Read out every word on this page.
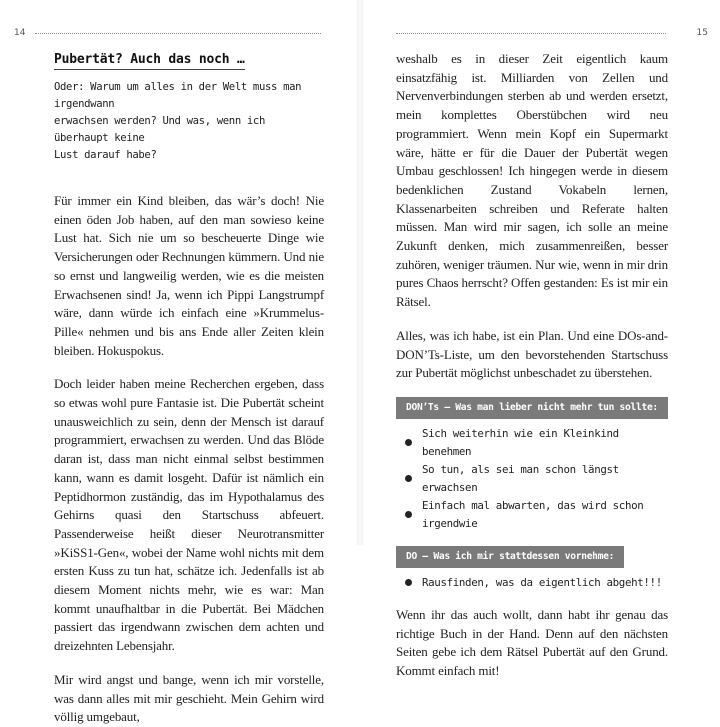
14	15
Pubertät? Auch das noch …

Oder: Warum um alles in der Welt muss man irgendwann
erwachsen werden? Und was, wenn ich überhaupt keine
Lust darauf habe?

Für immer ein Kind bleiben, das wär’s doch! Nie einen öden Job haben, auf den man sowieso keine Lust hat. Sich nie um so bescheuerte Dinge wie Versicherungen oder Rechnungen kümmern. Und nie so ernst und langweilig werden, wie es die meisten Erwachsenen sind! Ja, wenn ich Pippi Langstrumpf wäre, dann würde ich einfach eine »Krummelus-Pille« nehmen und bis ans Ende aller Zeiten klein bleiben. Hokuspokus.

Doch leider haben meine Recherchen ergeben, dass so etwas wohl pure Fantasie ist. Die Pubertät scheint unausweichlich zu sein, denn der Mensch ist darauf programmiert, erwachsen zu werden. Und das Blöde daran ist, dass man nicht einmal selbst bestimmen kann, wann es damit losgeht. Dafür ist nämlich ein Peptidhormon zuständig, das im Hypothalamus des Gehirns quasi den Startschuss abfeuert. Passenderweise heißt dieser Neurotransmitter »KiSS1-Gen«, wobei der Name wohl nichts mit dem ersten Kuss zu tun hat, schätze ich. Jedenfalls ist ab diesem Moment nichts mehr, wie es war: Man kommt unaufhaltbar in die Pubertät. Bei Mädchen passiert das irgendwann zwischen dem achten und dreizehnten Lebensjahr.

Mir wird angst und bange, wenn ich mir vorstelle, was dann alles mit mir geschieht. Mein Gehirn wird völlig umgebaut,

weshalb es in dieser Zeit eigentlich kaum einsatzfähig ist. Milliarden von Zellen und Nervenverbindungen sterben ab und werden ersetzt, mein komplettes Oberstübchen wird neu programmiert. Wenn mein Kopf ein Supermarkt wäre, hätte er für die Dauer der Pubertät wegen Umbau geschlossen! Ich hingegen werde in diesem bedenklichen Zustand Vokabeln lernen, Klassenarbeiten schreiben und Referate halten müssen. Man wird mir sagen, ich solle an meine Zukunft denken, mich zusammenreißen, besser zuhören, weniger träumen. Nur wie, wenn in mir drin pures Chaos herrscht? Offen gestanden: Es ist mir ein Rätsel.

Alles, was ich habe, ist ein Plan. Und eine DOs-and-DON’Ts-Liste, um den bevorstehenden Startschuss zur Pubertät möglichst unbeschadet zu überstehen.

DON’Ts – Was man lieber nicht mehr tun sollte:
Sich weiterhin wie ein Kleinkind benehmen
So tun, als sei man schon längst erwachsen
Einfach mal abwarten, das wird schon irgendwie
DO – Was ich mir stattdessen vornehme:
Rausfinden, was da eigentlich abgeht!!!

Wenn ihr das auch wollt, dann habt ihr genau das richtige Buch in der Hand. Denn auf den nächsten Seiten gebe ich dem Rätsel Pubertät auf den Grund. Kommt einfach mit!
